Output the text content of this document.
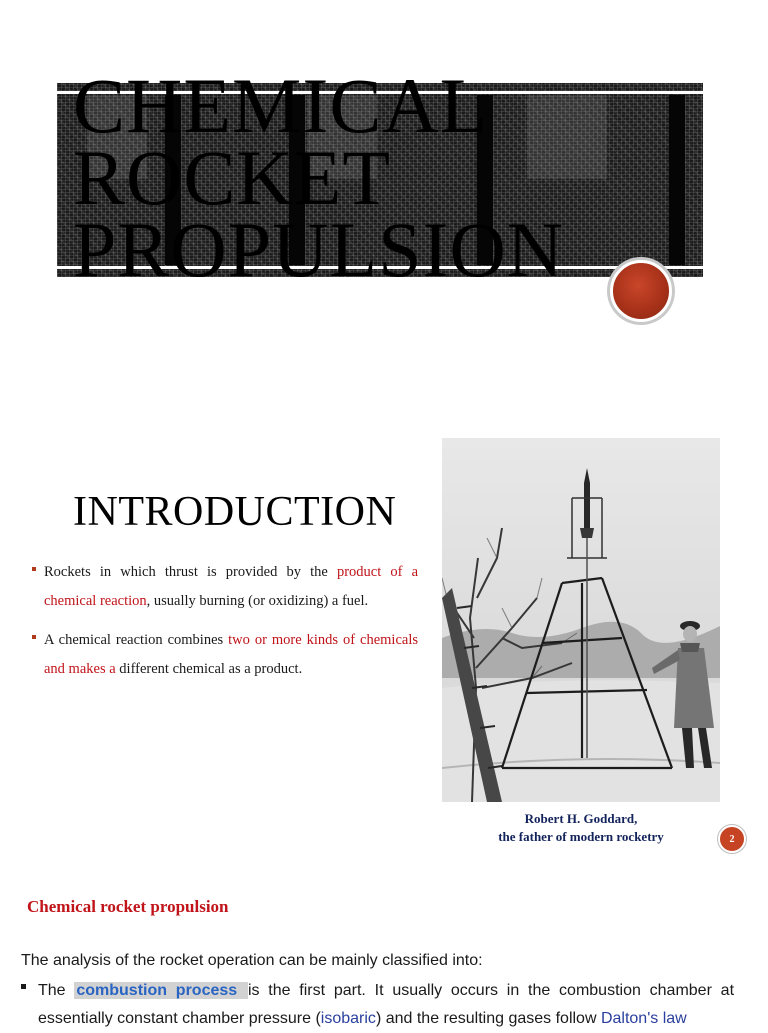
CHEMICAL
ROCKET
PROPULSION
INTRODUCTION
Rockets in which thrust is provided by the product of a chemical reaction, usually burning (or oxidizing) a fuel.
A chemical reaction combines two or more kinds of chemicals and makes a different chemical as a product.

Robert H. Goddard,
the father of modern rocketry	2
Chemical rocket propulsion

The analysis of the rocket operation can be mainly classified into:

The combustion process is the first part. It usually occurs in the combustion chamber at essentially constant chamber pressure (isobaric) and the resulting gases follow Dalton's law
